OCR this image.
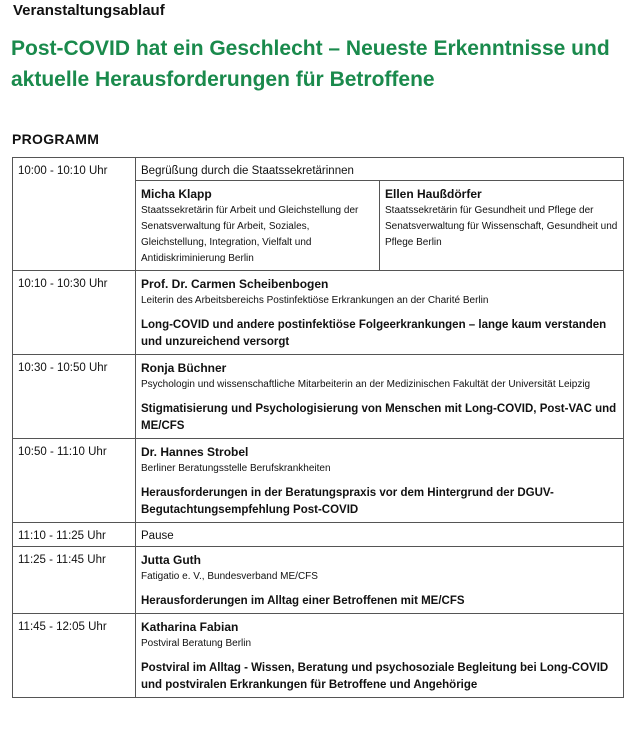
Veranstaltungsablauf
Post-COVID hat ein Geschlecht – Neueste Erkenntnisse und aktuelle Herausforderungen für Betroffene
PROGRAMM
10:00 - 10:10 Uhr	Begrüßung durch die Staatssekretärinnen

	Micha Klapp
Staatssekretärin für Arbeit und Gleichstellung der Senatsverwaltung für Arbeit, Soziales, Gleichstellung, Integration, Vielfalt und Antidiskriminierung Berlin
Ellen Haußdörfer
Staatssekretärin für Gesundheit und Pflege der Senatsverwaltung für Wissenschaft, Gesundheit und Pflege Berlin

10:10 - 10:30 Uhr	Prof. Dr. Carmen Scheibenbogen
Leiterin des Arbeitsbereichs Postinfektiöse Erkrankungen an der Charité Berlin
Long-COVID und andere postinfektiöse Folgeerkrankungen – lange kaum verstanden und unzureichend versorgt

10:30 - 10:50 Uhr	Ronja Büchner
Psychologin und wissenschaftliche Mitarbeiterin an der Medizinischen Fakultät der Universität Leipzig
Stigmatisierung und Psychologisierung von Menschen mit Long-COVID, Post-VAC und ME/CFS

10:50 - 11:10 Uhr	Dr. Hannes Strobel
Berliner Beratungsstelle Berufskrankheiten
Herausforderungen in der Beratungspraxis vor dem Hintergrund der DGUV-Begutachtungsempfehlung Post-COVID

11:10 - 11:25 Uhr	Pause

11:25 - 11:45 Uhr	Jutta Guth
Fatigatio e. V., Bundesverband ME/CFS
Herausforderungen im Alltag einer Betroffenen mit ME/CFS

11:45 - 12:05 Uhr	Katharina Fabian
Postviral Beratung Berlin
Postviral im Alltag - Wissen, Beratung und psychosoziale Begleitung bei Long-COVID und postviralen Erkrankungen für Betroffene und Angehörige
